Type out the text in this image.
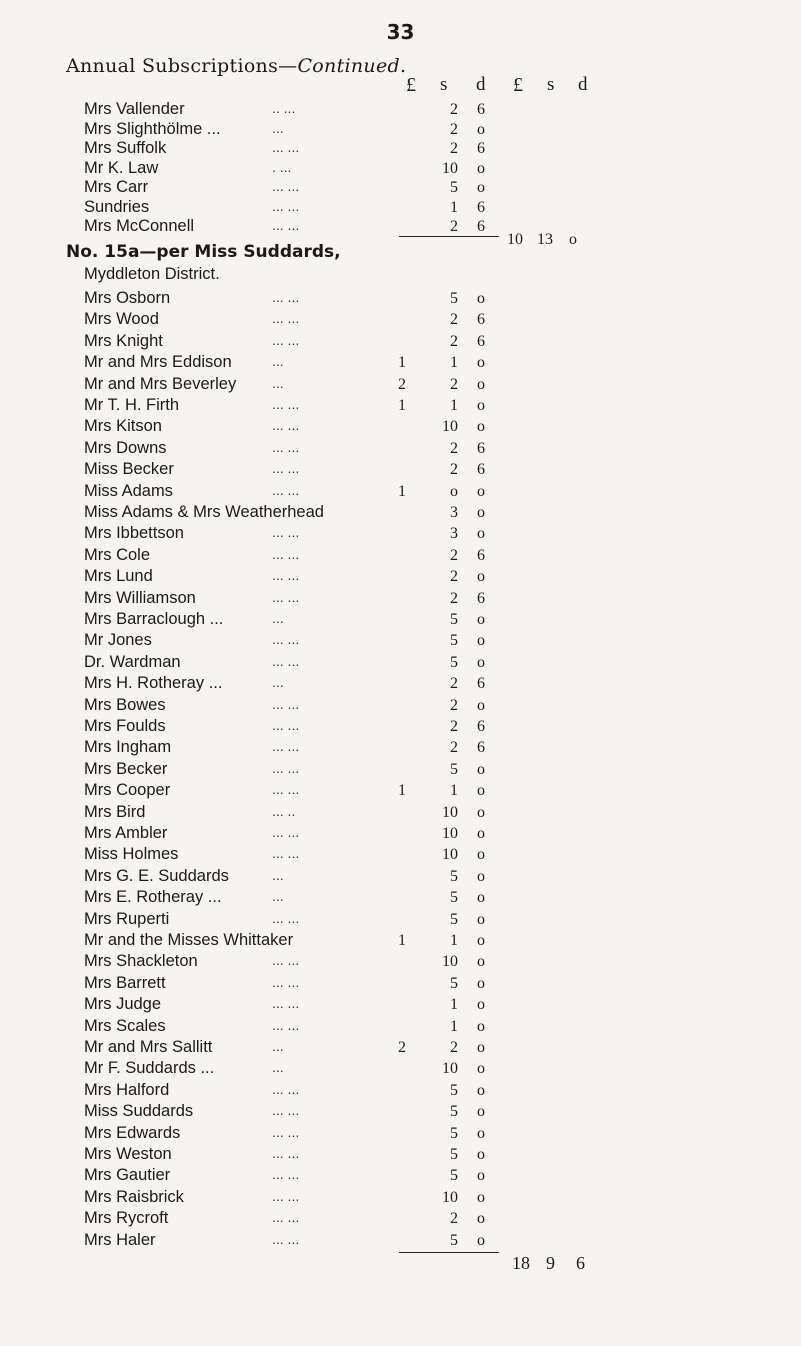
33
Annual Subscriptions—Continued.
£ s d £ s d
Mrs Vallender	.. ...	2 6
Mrs Slighthölme ...	...	2 o
Mrs Suffolk	... ...	2 6
Mr K. Law	. ...	10 o
Mrs Carr	... ...	5 o
Sundries	... ...	1 6
Mrs McConnell	... ...	2 6
10 13 o
No. 15a—per Miss Suddards,
Myddleton District.
Mrs Osborn	... ...	5 o
Mrs Wood	... ...	2 6
Mrs Knight	... ...	2 6
Mr and Mrs Eddison	...	1	1 o
Mr and Mrs Beverley	...	2	2 o
Mr T. H. Firth	... ...	1	1 o
Mrs Kitson	... ...	10 o
Mrs Downs	... ...	2 6
Miss Becker	... ...	2 6
Miss Adams	... ...	1	o o
Miss Adams & Mrs Weatherhead	3 o
Mrs Ibbettson	... ...	3 o
Mrs Cole	... ...	2 6
Mrs Lund	... ...	2 o
Mrs Williamson	... ...	2 6
Mrs Barraclough ...	...	5 o
Mr Jones	... ...	5 o
Dr. Wardman	... ...	5 o
Mrs H. Rotheray ...	...	2 6
Mrs Bowes	... ...	2 o
Mrs Foulds	... ...	2 6
Mrs Ingham	... ...	2 6
Mrs Becker	... ...	5 o
Mrs Cooper	... ...	1	1 o
Mrs Bird	... ..	10 o
Mrs Ambler	... ...	10 o
Miss Holmes	... ...	10 o
Mrs G. E. Suddards	...	5 o
Mrs E. Rotheray ...	...	5 o
Mrs Ruperti	... ...	5 o
Mr and the Misses Whittaker	1	1 o
Mrs Shackleton	... ...	10 o
Mrs Barrett	... ...	5 o
Mrs Judge	... ...	1 o
Mrs Scales	... ...	1 o
Mr and Mrs Sallitt	...	2	2 o
Mr F. Suddards ...	...	10 o
Mrs Halford	... ...	5 o
Miss Suddards	... ...	5 o
Mrs Edwards	... ...	5 o
Mrs Weston	... ...	5 o
Mrs Gautier	... ...	5 o
Mrs Raisbrick	... ...	10 o
Mrs Rycroft	... ...	2 o
Mrs Haler	... ...	5 o
18 9 6
